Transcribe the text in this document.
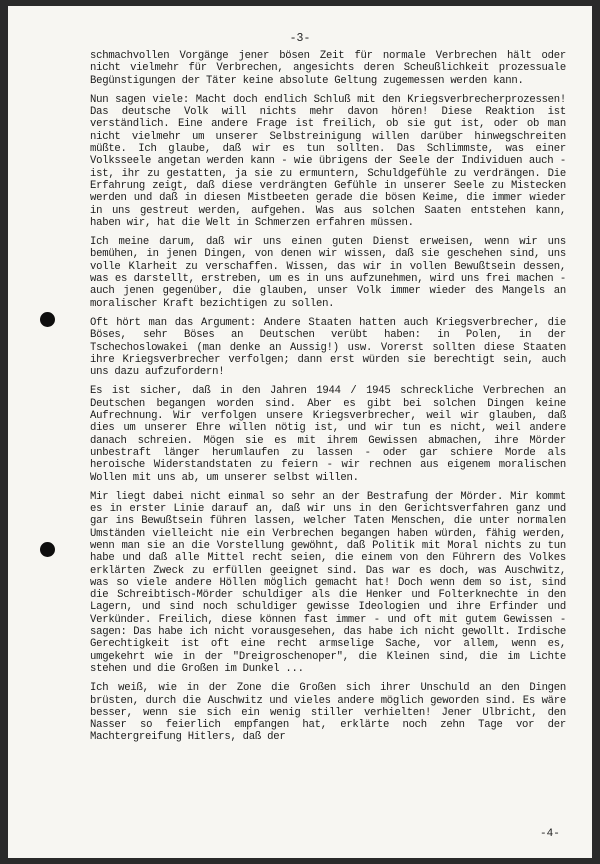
-3-

schmachvollen Vorgänge jener bösen Zeit für normale Verbrechen hält oder nicht vielmehr für Verbrechen, angesichts deren Scheußlichkeit prozessuale Begünstigungen der Täter keine absolute Geltung zugemessen werden kann.

Nun sagen viele: Macht doch endlich Schluß mit den Kriegsverbrecherprozessen! Das deutsche Volk will nichts mehr davon hören! Diese Reaktion ist verständlich. Eine andere Frage ist freilich, ob sie gut ist, oder ob man nicht vielmehr um unserer Selbstreinigung willen darüber hinwegschreiten müßte. Ich glaube, daß wir es tun sollten. Das Schlimmste, was einer Volksseele angetan werden kann - wie übrigens der Seele der Individuen auch - ist, ihr zu gestatten, ja sie zu ermuntern, Schuldgefühle zu verdrängen. Die Erfahrung zeigt, daß diese verdrängten Gefühle in unserer Seele zu Mistecken werden und daß in diesen Mistbeeten gerade die bösen Keime, die immer wieder in uns gestreut werden, aufgehen. Was aus solchen Saaten entstehen kann, haben wir, hat die Welt in Schmerzen erfahren müssen.

Ich meine darum, daß wir uns einen guten Dienst erweisen, wenn wir uns bemühen, in jenen Dingen, von denen wir wissen, daß sie geschehen sind, uns volle Klarheit zu verschaffen. Wissen, das wir in vollen Bewußtsein dessen, was es darstellt, erstreben, um es in uns aufzunehmen, wird uns frei machen - auch jenen gegenüber, die glauben, unser Volk immer wieder des Mangels an moralischer Kraft bezichtigen zu sollen.

Oft hört man das Argument: Andere Staaten hatten auch Kriegsverbrecher, die Böses, sehr Böses an Deutschen verübt haben: in Polen, in der Tschechoslowakei (man denke an Aussig!) usw. Vorerst sollten diese Staaten ihre Kriegsverbrecher verfolgen; dann erst würden sie berechtigt sein, auch uns dazu aufzufordern!

Es ist sicher, daß in den Jahren 1944 / 1945 schreckliche Verbrechen an Deutschen begangen worden sind. Aber es gibt bei solchen Dingen keine Aufrechnung. Wir verfolgen unsere Kriegsverbrecher, weil wir glauben, daß dies um unserer Ehre willen nötig ist, und wir tun es nicht, weil andere danach schreien. Mögen sie es mit ihrem Gewissen abmachen, ihre Mörder unbestraft länger herumlaufen zu lassen - oder gar schiere Morde als heroische Widerstandstaten zu feiern - wir rechnen aus eigenem moralischen Wollen mit uns ab, um unserer selbst willen.

Mir liegt dabei nicht einmal so sehr an der Bestrafung der Mörder. Mir kommt es in erster Linie darauf an, daß wir uns in den Gerichtsverfahren ganz und gar ins Bewußtsein führen lassen, welcher Taten Menschen, die unter normalen Umständen vielleicht nie ein Verbrechen begangen haben würden, fähig werden, wenn man sie an die Vorstellung gewöhnt, daß Politik mit Moral nichts zu tun habe und daß alle Mittel recht seien, die einem von den Führern des Volkes erklärten Zweck zu erfüllen geeignet sind. Das war es doch, was Auschwitz, was so viele andere Höllen möglich gemacht hat! Doch wenn dem so ist, sind die Schreibtisch-Mörder schuldiger als die Henker und Folterknechte in den Lagern, und sind noch schuldiger gewisse Ideologien und ihre Erfinder und Verkünder. Freilich, diese können fast immer - und oft mit gutem Gewissen - sagen: Das habe ich nicht vorausgesehen, das habe ich nicht gewollt. Irdische Gerechtigkeit ist oft eine recht armselige Sache, vor allem, wenn es, umgekehrt wie in der "Dreigroschenoper", die Kleinen sind, die im Lichte stehen und die Großen im Dunkel ...

Ich weiß, wie in der Zone die Großen sich ihrer Unschuld an den Dingen brüsten, durch die Auschwitz und vieles andere möglich geworden sind. Es wäre besser, wenn sie sich ein wenig stiller verhielten! Jener Ulbricht, den Nasser so feierlich empfangen hat, erklärte noch zehn Tage vor der Machtergreifung Hitlers, daß der

-4-
